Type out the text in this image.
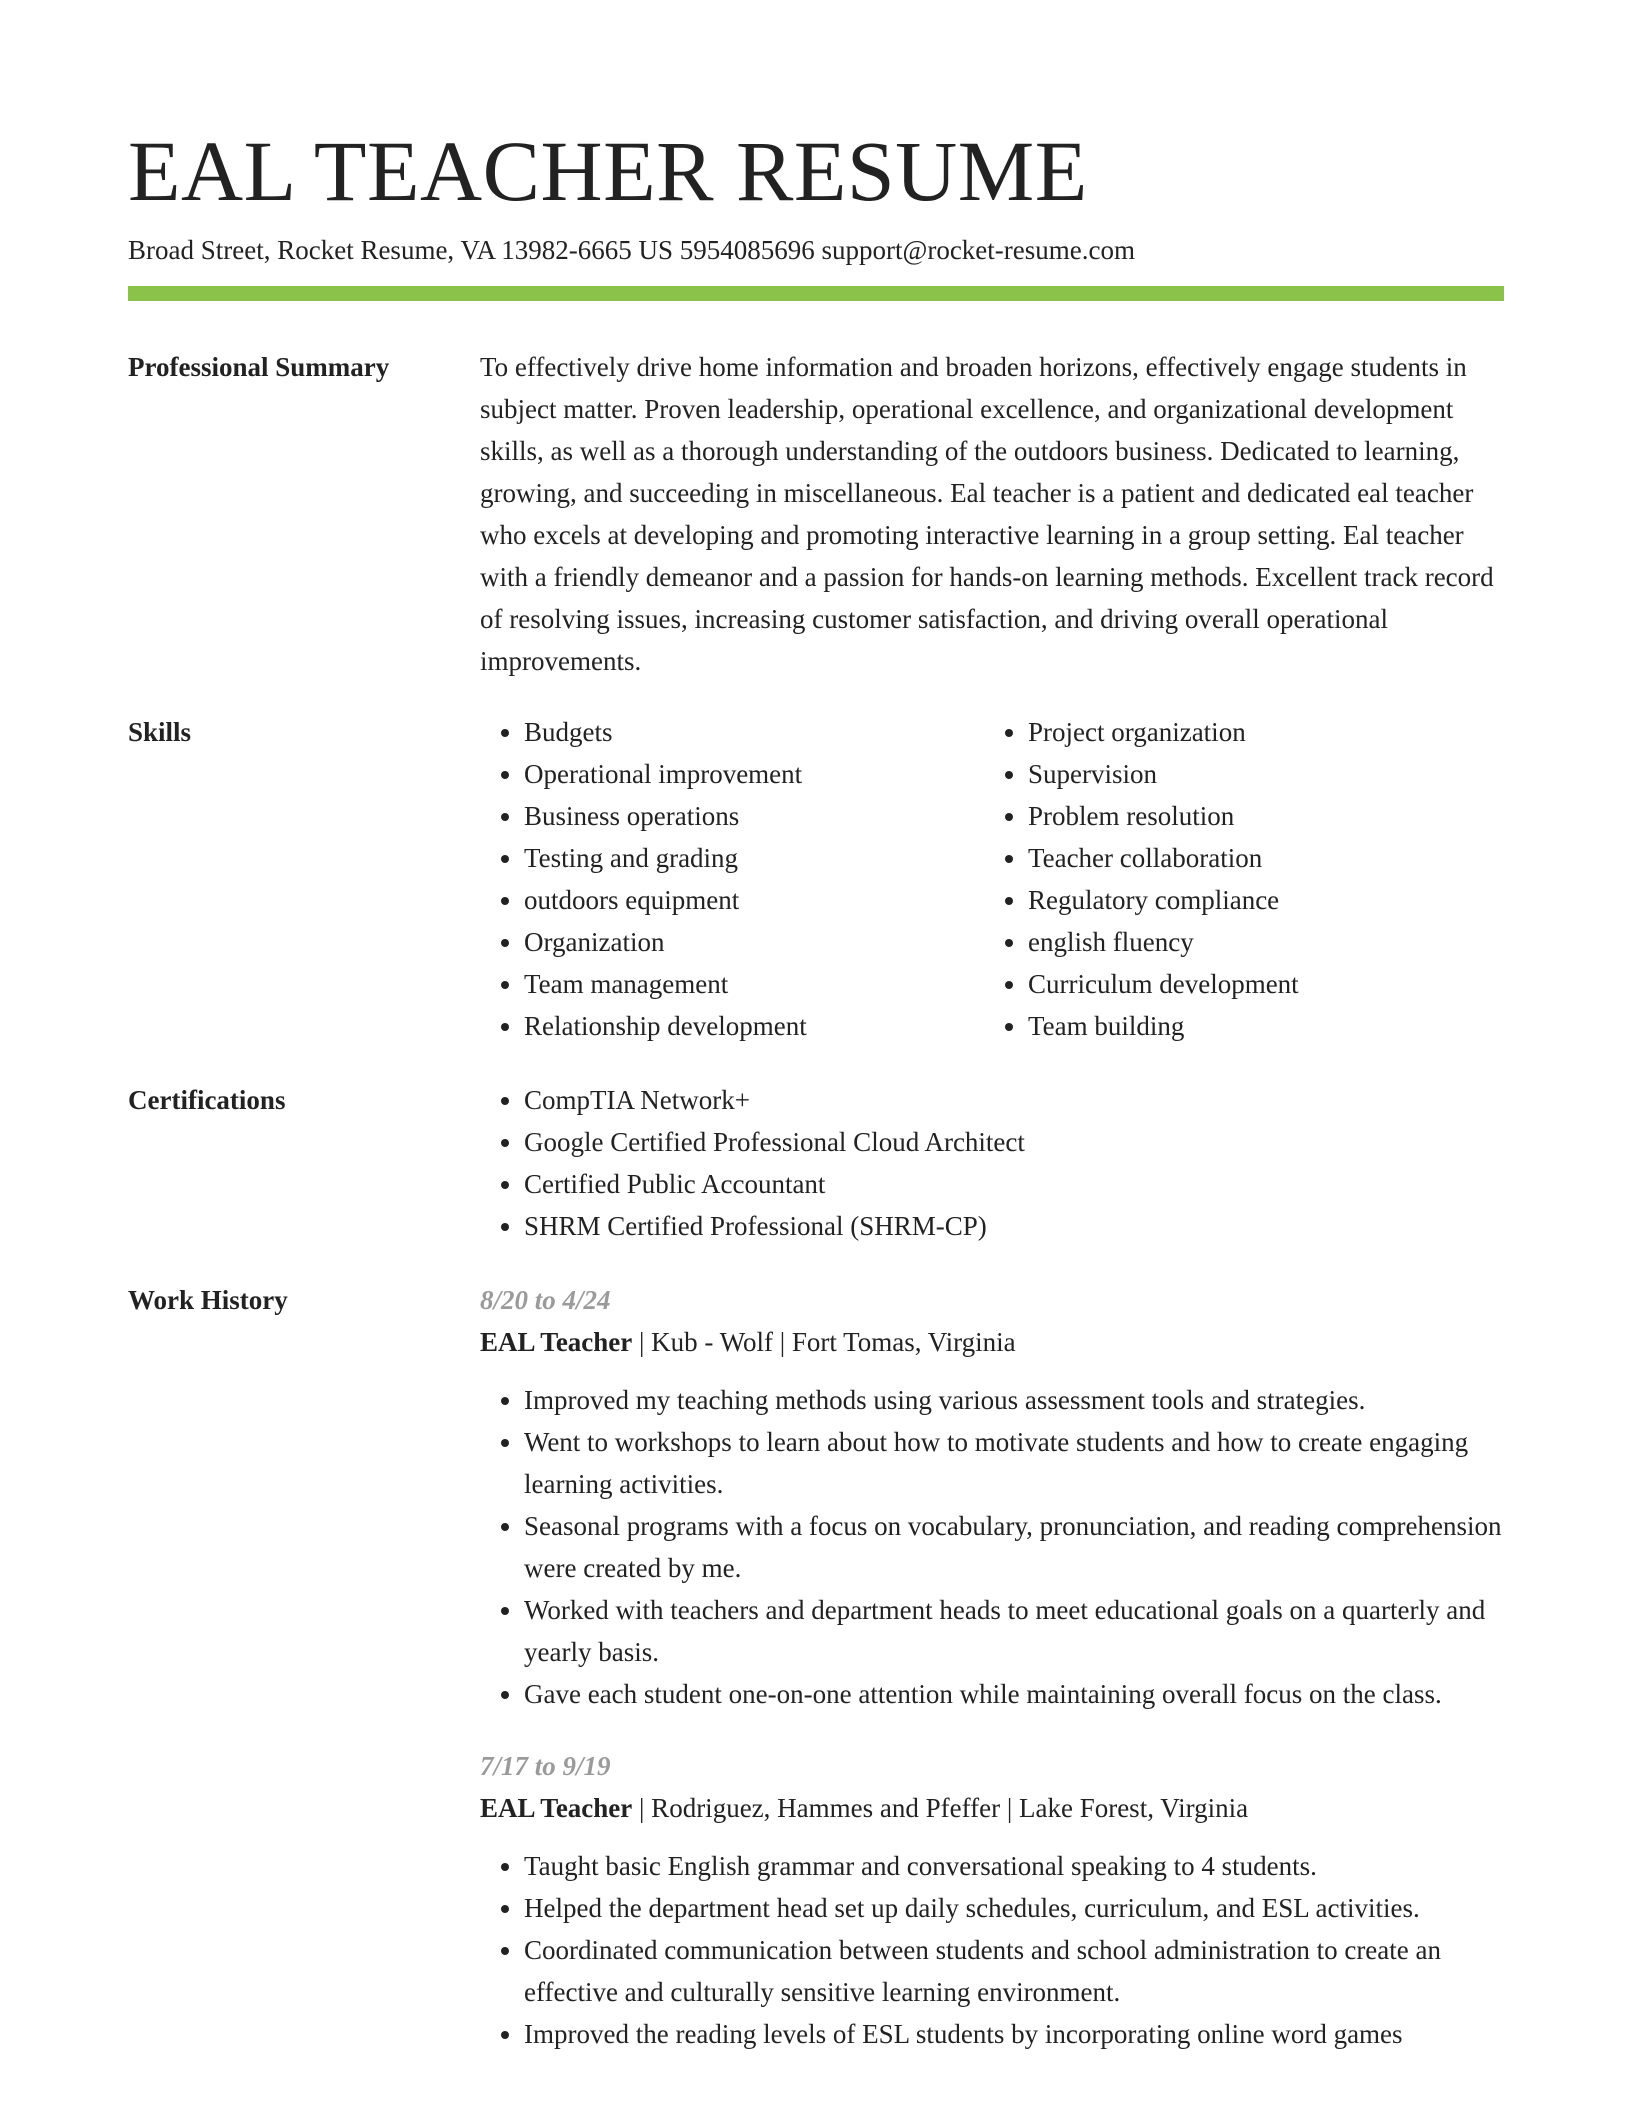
EAL TEACHER RESUME
Broad Street, Rocket Resume, VA 13982-6665 US 5954085696 support@rocket-resume.com
Professional Summary	To effectively drive home information and broaden horizons, effectively engage students in subject matter. Proven leadership, operational excellence, and organizational development skills, as well as a thorough understanding of the outdoors business. Dedicated to learning, growing, and succeeding in miscellaneous. Eal teacher is a patient and dedicated eal teacher who excels at developing and promoting interactive learning in a group setting. Eal teacher with a friendly demeanor and a passion for hands-on learning methods. Excellent track record of resolving issues, increasing customer satisfaction, and driving overall operational improvements.

Skills	• Budgets
• Operational improvement
• Business operations
• Testing and grading
• outdoors equipment
• Organization
• Team management
• Relationship development
• Project organization
• Supervision
• Problem resolution
• Teacher collaboration
• Regulatory compliance
• english fluency
• Curriculum development
• Team building
Certifications	• CompTIA Network+
• Google Certified Professional Cloud Architect
• Certified Public Accountant
• SHRM Certified Professional (SHRM-CP)
Work History	8/20 to 4/24
EAL Teacher | Kub - Wolf | Fort Tomas, Virginia
• Improved my teaching methods using various assessment tools and strategies.
• Went to workshops to learn about how to motivate students and how to create engaging learning activities.
• Seasonal programs with a focus on vocabulary, pronunciation, and reading comprehension were created by me.
• Worked with teachers and department heads to meet educational goals on a quarterly and yearly basis.
• Gave each student one-on-one attention while maintaining overall focus on the class.
7/17 to 9/19
EAL Teacher | Rodriguez, Hammes and Pfeffer | Lake Forest, Virginia
• Taught basic English grammar and conversational speaking to 4 students.
• Helped the department head set up daily schedules, curriculum, and ESL activities.
• Coordinated communication between students and school administration to create an effective and culturally sensitive learning environment.
• Improved the reading levels of ESL students by incorporating online word games
